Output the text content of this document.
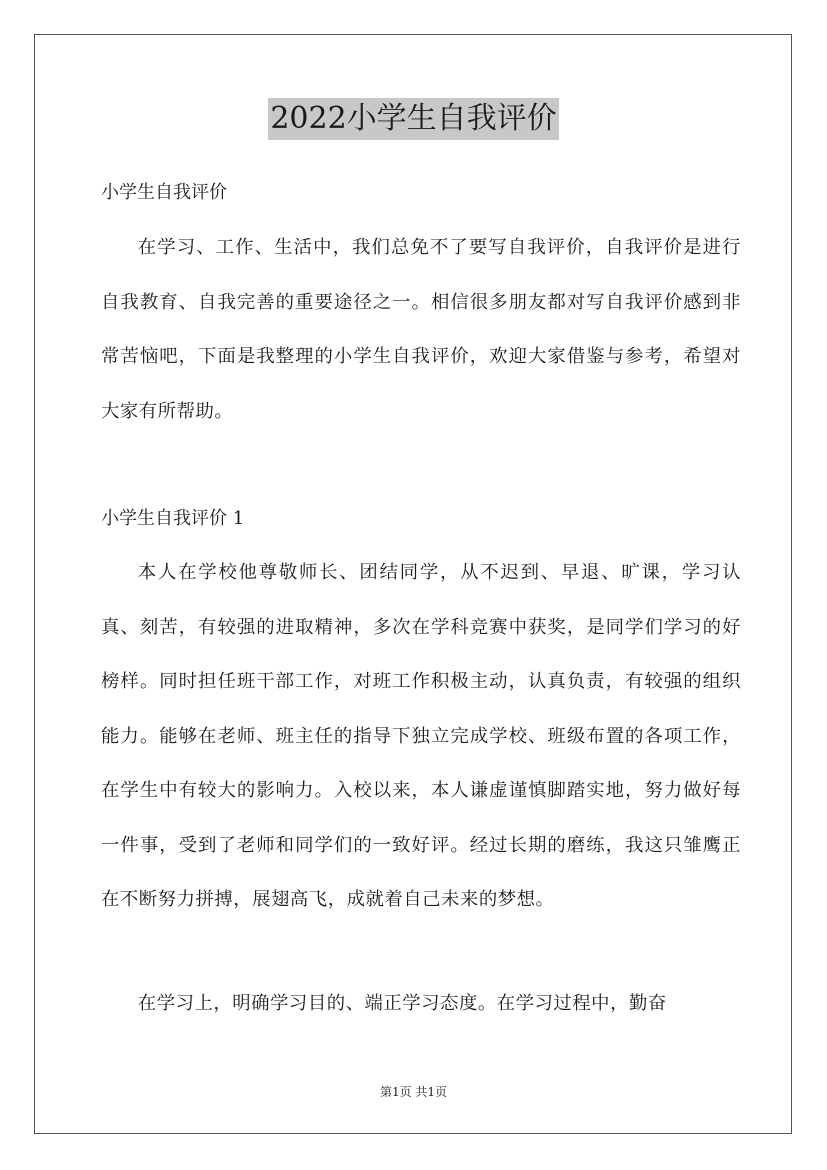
2022小学生自我评价
小学生自我评价

在学习、工作、生活中，我们总免不了要写自我评价，自我评价是进行自我教育、自我完善的重要途径之一。相信很多朋友都对写自我评价感到非常苦恼吧，下面是我整理的小学生自我评价，欢迎大家借鉴与参考，希望对大家有所帮助。

小学生自我评价 1

本人在学校他尊敬师长、团结同学，从不迟到、早退、旷课，学习认真、刻苦，有较强的进取精神，多次在学科竞赛中获奖，是同学们学习的好榜样。同时担任班干部工作，对班工作积极主动，认真负责，有较强的组织能力。能够在老师、班主任的指导下独立完成学校、班级布置的各项工作，在学生中有较大的影响力。入校以来，本人谦虚谨慎脚踏实地，努力做好每一件事，受到了老师和同学们的一致好评。经过长期的磨练，我这只雏鹰正在不断努力拼搏，展翅高飞，成就着自己未来的梦想。

在学习上，明确学习目的、端正学习态度。在学习过程中，勤奋

第1页 共1页
